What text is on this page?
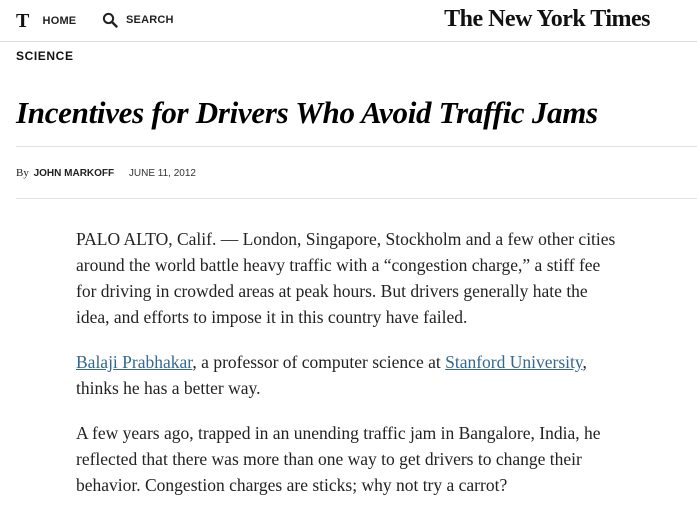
T HOME	SEARCH	The New York Times
SCIENCE
Incentives for Drivers Who Avoid Traffic Jams
By JOHN MARKOFF JUNE 11, 2012

PALO ALTO, Calif. — London, Singapore, Stockholm and a few other cities around the world battle heavy traffic with a “congestion charge,” a stiff fee for driving in crowded areas at peak hours. But drivers generally hate the idea, and efforts to impose it in this country have failed.

Balaji Prabhakar, a professor of computer science at Stanford University, thinks he has a better way.

A few years ago, trapped in an unending traffic jam in Bangalore, India, he reflected that there was more than one way to get drivers to change their behavior. Congestion charges are sticks; why not try a carrot?
